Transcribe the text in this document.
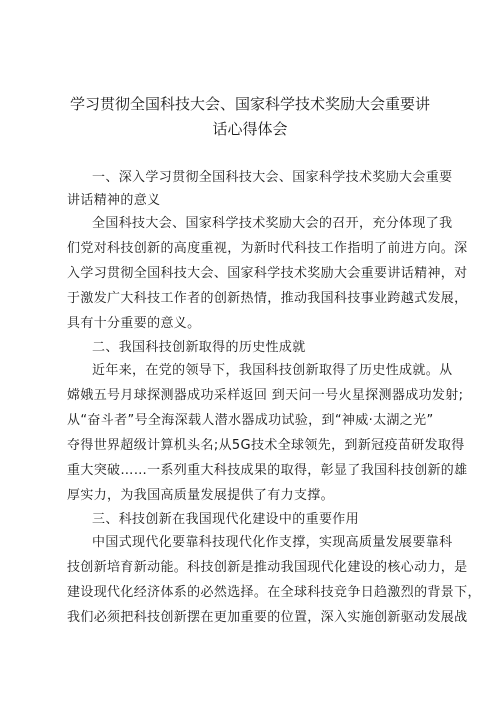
学习贯彻全国科技大会、国家科学技术奖励大会重要讲
话心得体会
一、深入学习贯彻全国科技大会、国家科学技术奖励大会重要
讲话精神的意义
全国科技大会、国家科学技术奖励大会的召开，充分体现了我
们党对科技创新的高度重视，为新时代科技工作指明了前进方向。深
入学习贯彻全国科技大会、国家科学技术奖励大会重要讲话精神，对
于激发广大科技工作者的创新热情，推动我国科技事业跨越式发展，
具有十分重要的意义。
二、我国科技创新取得的历史性成就
近年来，在党的领导下，我国科技创新取得了历史性成就。从
嫦娥五号月球探测器成功采样返回 到天问一号火星探测器成功发射;
从“奋斗者”号全海深载人潜水器成功试验，到“神威·太湖之光”
夺得世界超级计算机头名;从5G技术全球领先，到新冠疫苗研发取得
重大突破……一系列重大科技成果的取得，彰显了我国科技创新的雄
厚实力，为我国高质量发展提供了有力支撑。
三、科技创新在我国现代化建设中的重要作用
中国式现代化要靠科技现代化作支撑，实现高质量发展要靠科
技创新培育新动能。科技创新是推动我国现代化建设的核心动力，是
建设现代化经济体系的必然选择。在全球科技竞争日趋激烈的背景下，
我们必须把科技创新摆在更加重要的位置，深入实施创新驱动发展战
